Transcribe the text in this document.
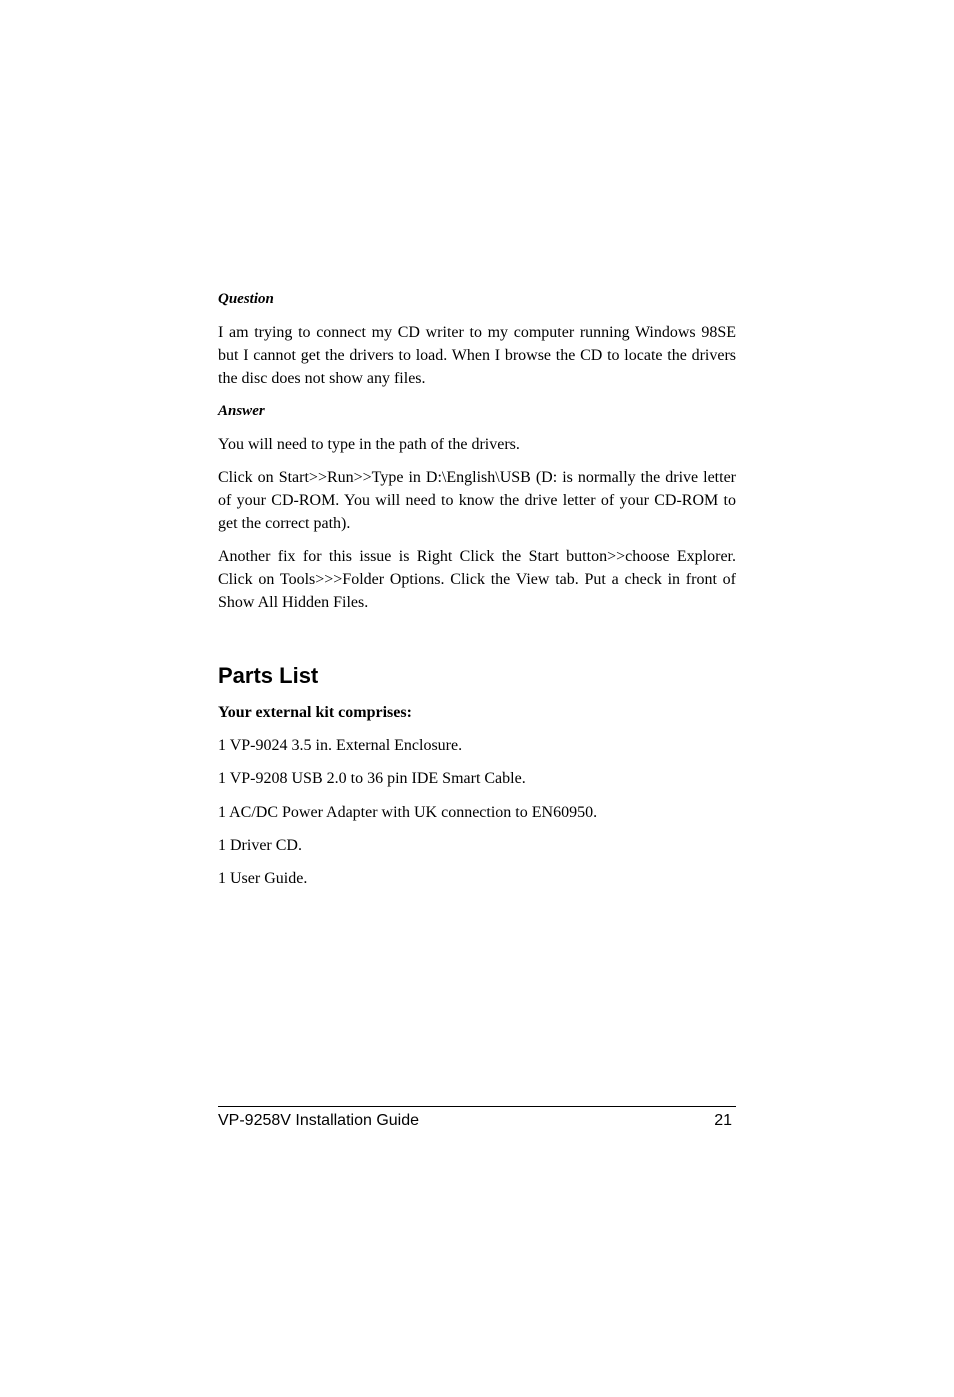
Question

I am trying to connect my CD writer to my computer running Windows 98SE but I cannot get the drivers to load. When I browse the CD to locate the drivers the disc does not show any files.

Answer

You will need to type in the path of the drivers.

Click on Start>>Run>>Type in D:\English\USB (D: is normally the drive letter of your CD-ROM. You will need to know the drive letter of your CD-ROM to get the correct path).

Another fix for this issue is Right Click the Start button>>choose Explorer. Click on Tools>>>Folder Options. Click the View tab. Put a check in front of Show All Hidden Files.

Parts List

Your external kit comprises:

1 VP-9024 3.5 in. External Enclosure.

1 VP-9208 USB 2.0 to 36 pin IDE Smart Cable.

1 AC/DC Power Adapter with UK connection to EN60950.

1 Driver CD.

1 User Guide.

VP-9258V Installation Guide	21
